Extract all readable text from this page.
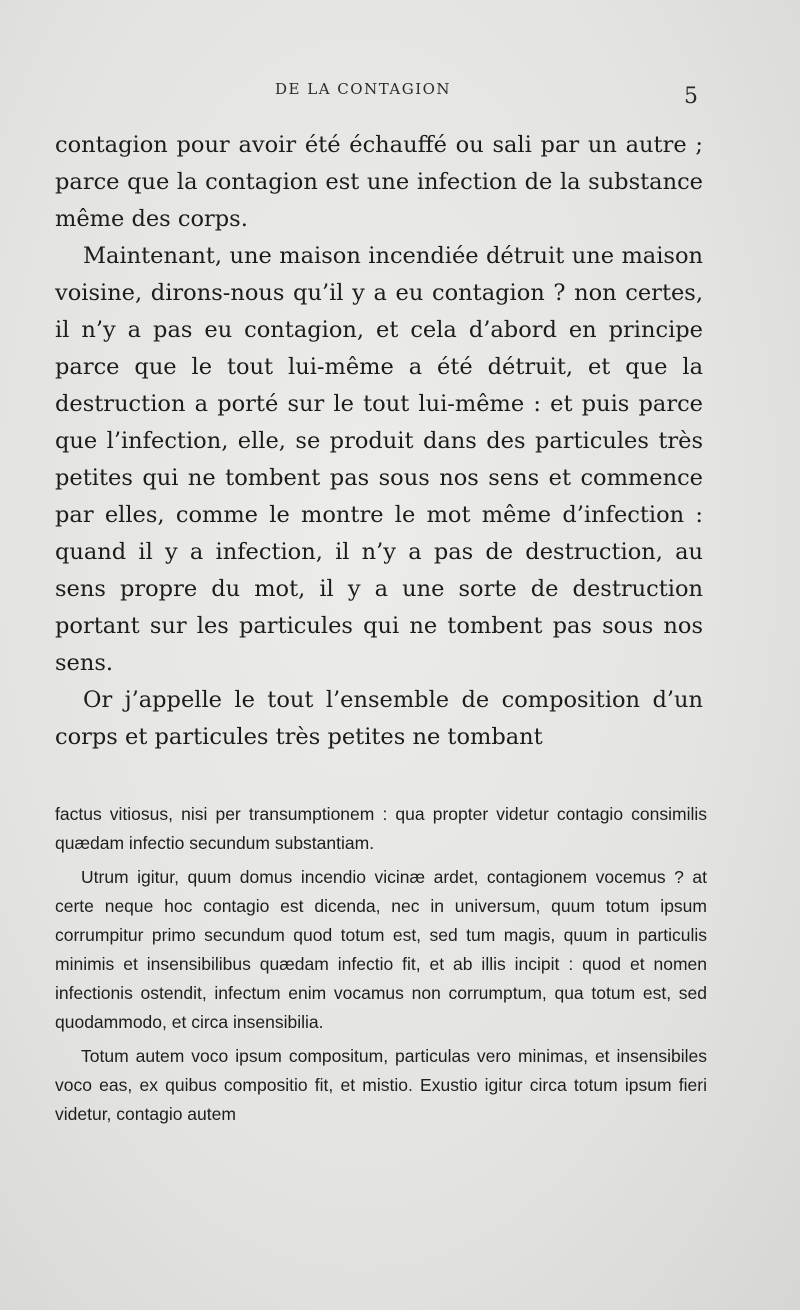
DE LA CONTAGION	5

contagion pour avoir été échauffé ou sali par un autre ; parce que la contagion est une infection de la substance même des corps.

Maintenant, une maison incendiée détruit une maison voisine, dirons-nous qu’il y a eu contagion ? non certes, il n’y a pas eu contagion, et cela d’abord en principe parce que le tout lui-même a été détruit, et que la destruction a porté sur le tout lui-même : et puis parce que l’infection, elle, se produit dans des particules très petites qui ne tombent pas sous nos sens et commence par elles, comme le montre le mot même d’infection : quand il y a infection, il n’y a pas de destruction, au sens propre du mot, il y a une sorte de destruction portant sur les particules qui ne tombent pas sous nos sens.

Or j’appelle le tout l’ensemble de composition d’un corps et particules très petites ne tombant

factus vitiosus, nisi per transumptionem : qua propter videtur contagio consimilis quædam infectio secundum substantiam.

Utrum igitur, quum domus incendio vicinæ ardet, contagionem vocemus ? at certe neque hoc contagio est dicenda, nec in universum, quum totum ipsum corrumpitur primo secundum quod totum est, sed tum magis, quum in particulis minimis et insensibilibus quædam infectio fit, et ab illis incipit : quod et nomen infectionis ostendit, infectum enim vocamus non corrumptum, qua totum est, sed quodammodo, et circa insensibilia.

Totum autem voco ipsum compositum, particulas vero minimas, et insensibiles voco eas, ex quibus compositio fit, et mistio. Exustio igitur circa totum ipsum fieri videtur, contagio autem
